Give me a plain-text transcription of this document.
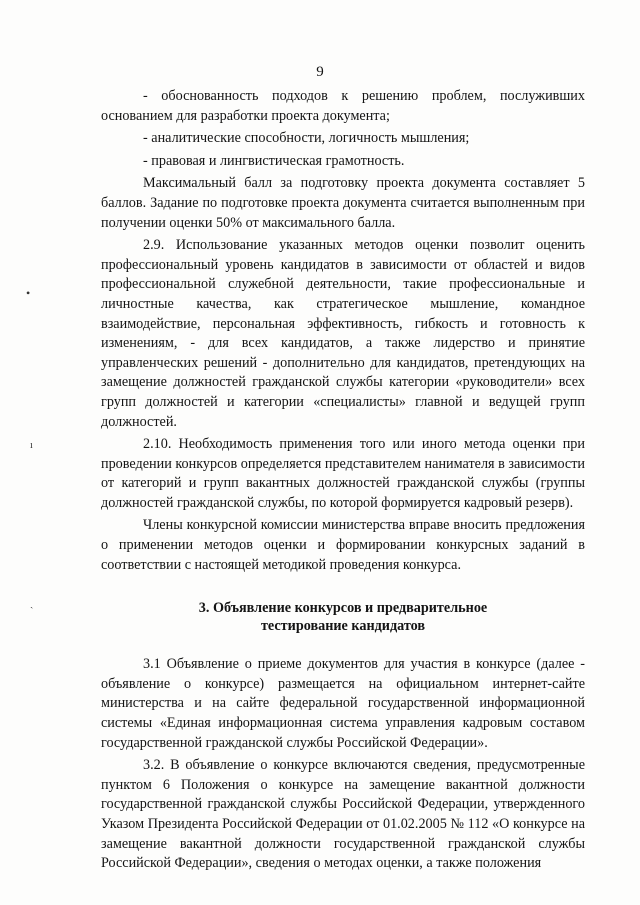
9

- обоснованность подходов к решению проблем, послуживших основанием для разработки проекта документа;

- аналитические способности, логичность мышления;

- правовая и лингвистическая грамотность.

Максимальный балл за подготовку проекта документа составляет 5 баллов. Задание по подготовке проекта документа считается выполненным при получении оценки 50% от максимального балла.

2.9. Использование указанных методов оценки позволит оценить профессиональный уровень кандидатов в зависимости от областей и видов профессиональной служебной деятельности, такие профессиональные и личностные качества, как стратегическое мышление, командное взаимодействие, персональная эффективность, гибкость и готовность к изменениям, - для всех кандидатов, а также лидерство и принятие управленческих решений - дополнительно для кандидатов, претендующих на замещение должностей гражданской службы категории «руководители» всех групп должностей и категории «специалисты» главной и ведущей групп должностей.

2.10. Необходимость применения того или иного метода оценки при проведении конкурсов определяется представителем нанимателя в зависимости от категорий и групп вакантных должностей гражданской службы (группы должностей гражданской службы, по которой формируется кадровый резерв).

Члены конкурсной комиссии министерства вправе вносить предложения о применении методов оценки и формировании конкурсных заданий в соответствии с настоящей методикой проведения конкурса.

3. Объявление конкурсов и предварительное
тестирование кандидатов

3.1 Объявление о приеме документов для участия в конкурсе (далее - объявление о конкурсе) размещается на официальном интернет-сайте министерства и на сайте федеральной государственной информационной системы «Единая информационная система управления кадровым составом государственной гражданской службы Российской Федерации».

3.2. В объявление о конкурсе включаются сведения, предусмотренные пунктом 6 Положения о конкурсе на замещение вакантной должности государственной гражданской службы Российской Федерации, утвержденного Указом Президента Российской Федерации от 01.02.2005 № 112 «О конкурсе на замещение вакантной должности государственной гражданской службы Российской Федерации», сведения о методах оценки, а также положения

•
ı
ˎ
